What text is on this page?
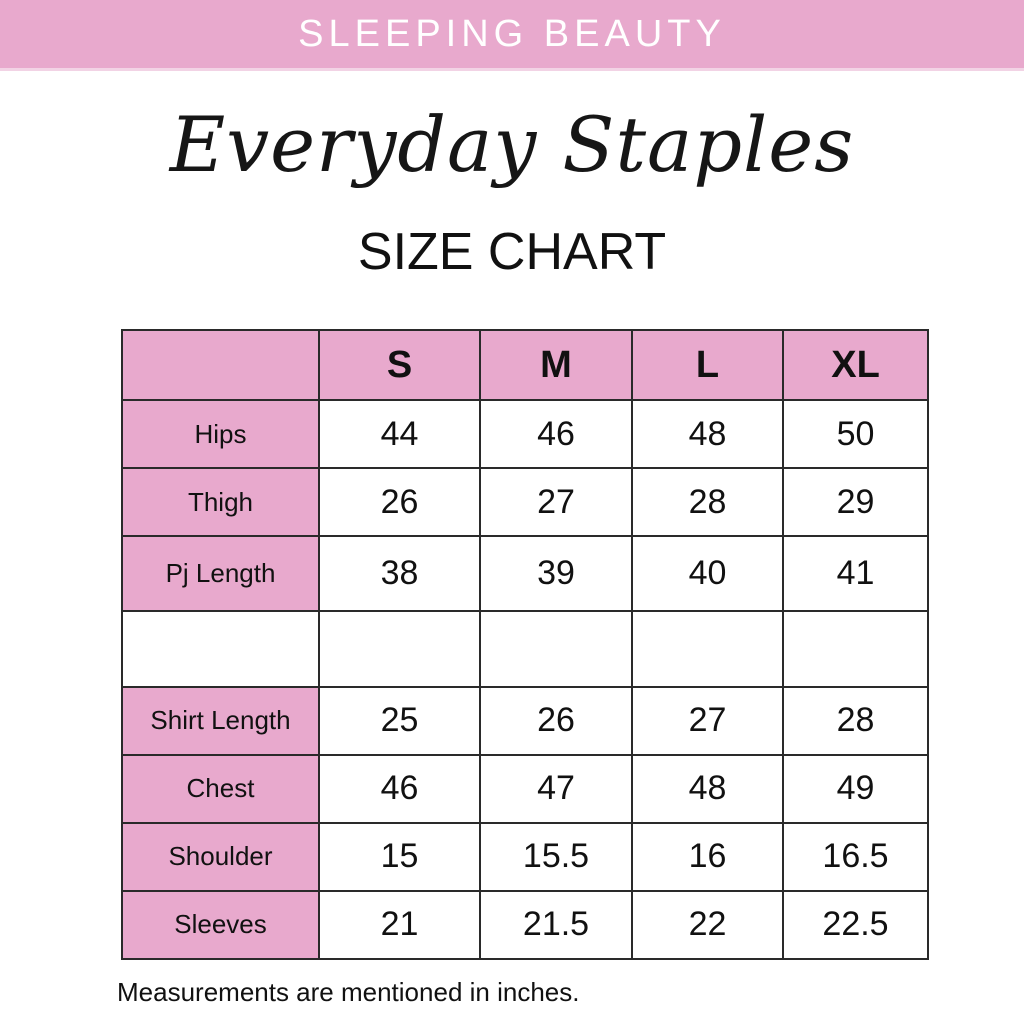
SLEEPING BEAUTY
Everyday Staples
SIZE CHART
	S	M	L	XL
Hips	44	46	48	50
Thigh	26	27	28	29
Pj Length	38	39	40	41

Shirt Length	25	26	27	28
Chest	46	47	48	49
Shoulder	15	15.5	16	16.5
Sleeves	21	21.5	22	22.5
Measurements are mentioned in inches.
